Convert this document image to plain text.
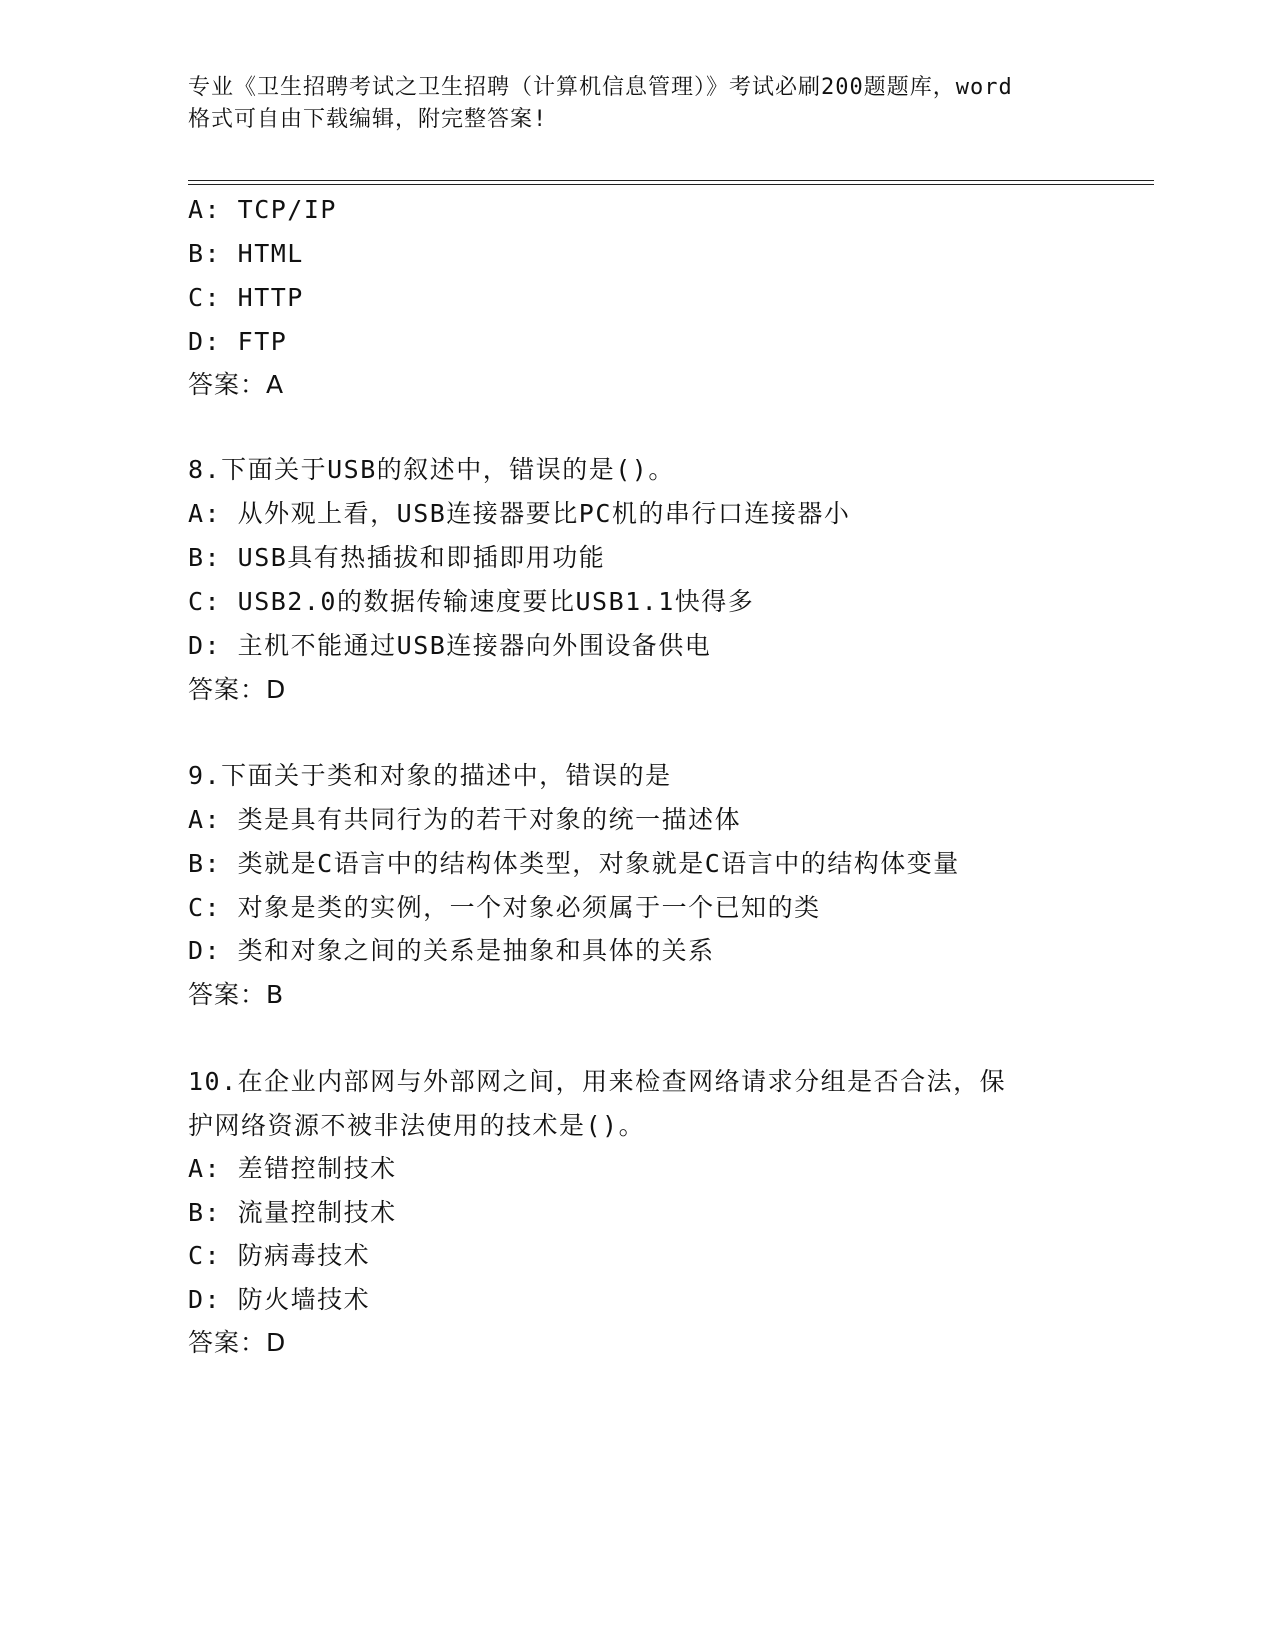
专业《卫生招聘考试之卫生招聘（计算机信息管理）》考试必刷200题题库，word
格式可自由下载编辑，附完整答案!
A: TCP/IP
B: HTML
C: HTTP
D: FTP
答案：A
8.下面关于USB的叙述中，错误的是()。
A: 从外观上看，USB连接器要比PC机的串行口连接器小
B: USB具有热插拔和即插即用功能
C: USB2.0的数据传输速度要比USB1.1快得多
D: 主机不能通过USB连接器向外围设备供电
答案：D
9.下面关于类和对象的描述中，错误的是
A: 类是具有共同行为的若干对象的统一描述体
B: 类就是C语言中的结构体类型，对象就是C语言中的结构体变量
C: 对象是类的实例，一个对象必须属于一个已知的类
D: 类和对象之间的关系是抽象和具体的关系
答案：B
10.在企业内部网与外部网之间，用来检查网络请求分组是否合法，保
护网络资源不被非法使用的技术是()。
A: 差错控制技术
B: 流量控制技术
C: 防病毒技术
D: 防火墙技术
答案：D
